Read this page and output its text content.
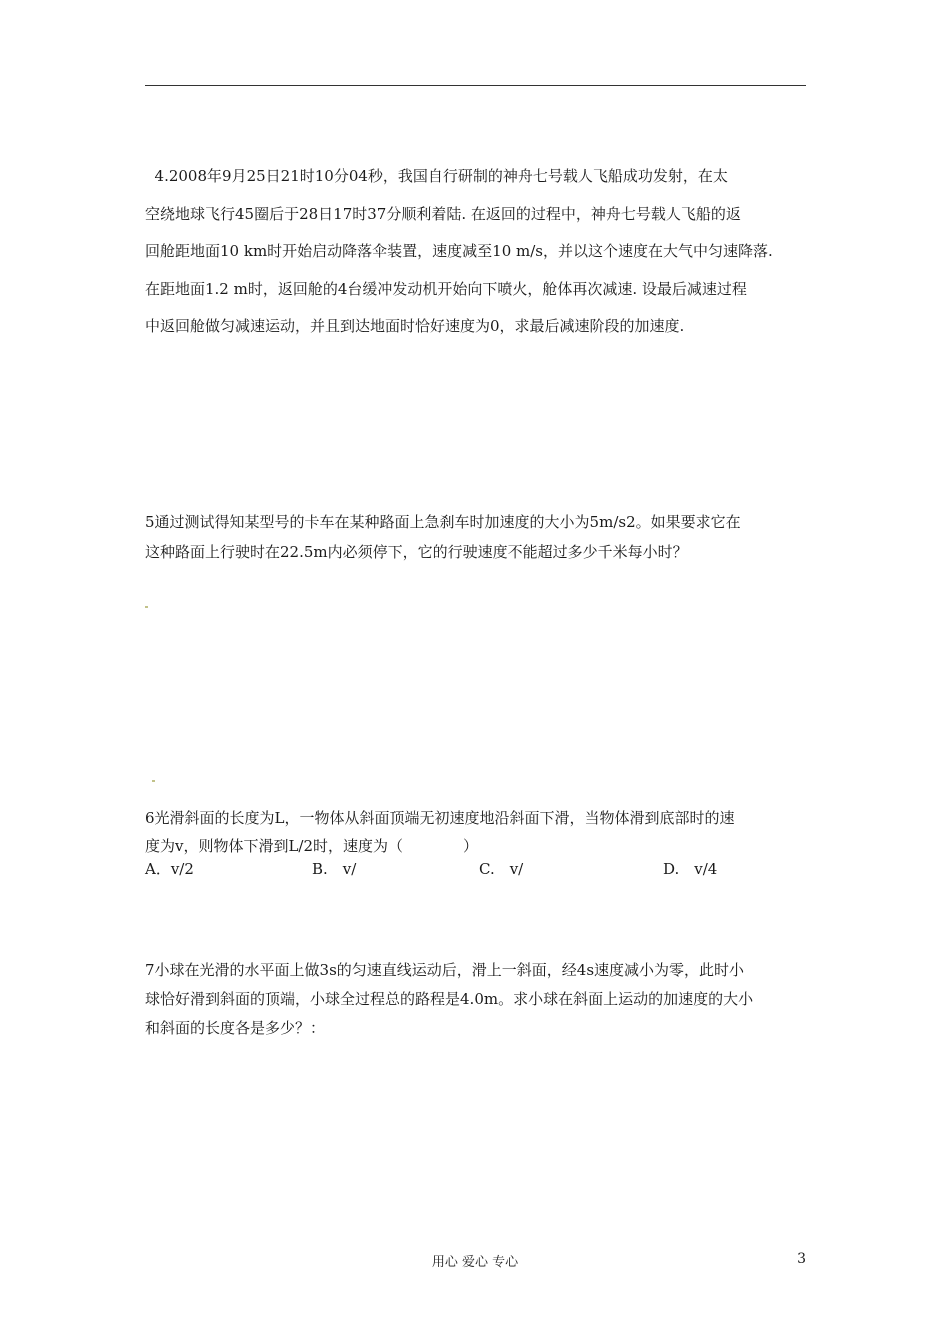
4.2008年9月25日21时10分04秒，我国自行研制的神舟七号载人飞船成功发射，在太
空绕地球飞行45圈后于28日17时37分顺利着陆. 在返回的过程中，神舟七号载人飞船的返
回舱距地面10 km时开始启动降落伞装置，速度减至10 m/s，并以这个速度在大气中匀速降落.
在距地面1.2 m时，返回舱的4台缓冲发动机开始向下喷火，舱体再次减速. 设最后减速过程
中返回舱做匀减速运动，并且到达地面时恰好速度为0，求最后减速阶段的加速度.
5通过测试得知某型号的卡车在某种路面上急刹车时加速度的大小为5m/s2。如果要求它在
这种路面上行驶时在22.5m内必须停下，它的行驶速度不能超过多少千米每小时？
6光滑斜面的长度为L，一物体从斜面顶端无初速度地沿斜面下滑，当物体滑到底部时的速
度为v，则物体下滑到L/2时，速度为（　　　　）
A．v/2	B.　v/	C.　v/	D.　v/4
7小球在光滑的水平面上做3s的匀速直线运动后，滑上一斜面，经4s速度减小为零，此时小
球恰好滑到斜面的顶端，小球全过程总的路程是4.0m。求小球在斜面上运动的加速度的大小
和斜面的长度各是多少？：
用心 爱心 专心	3
